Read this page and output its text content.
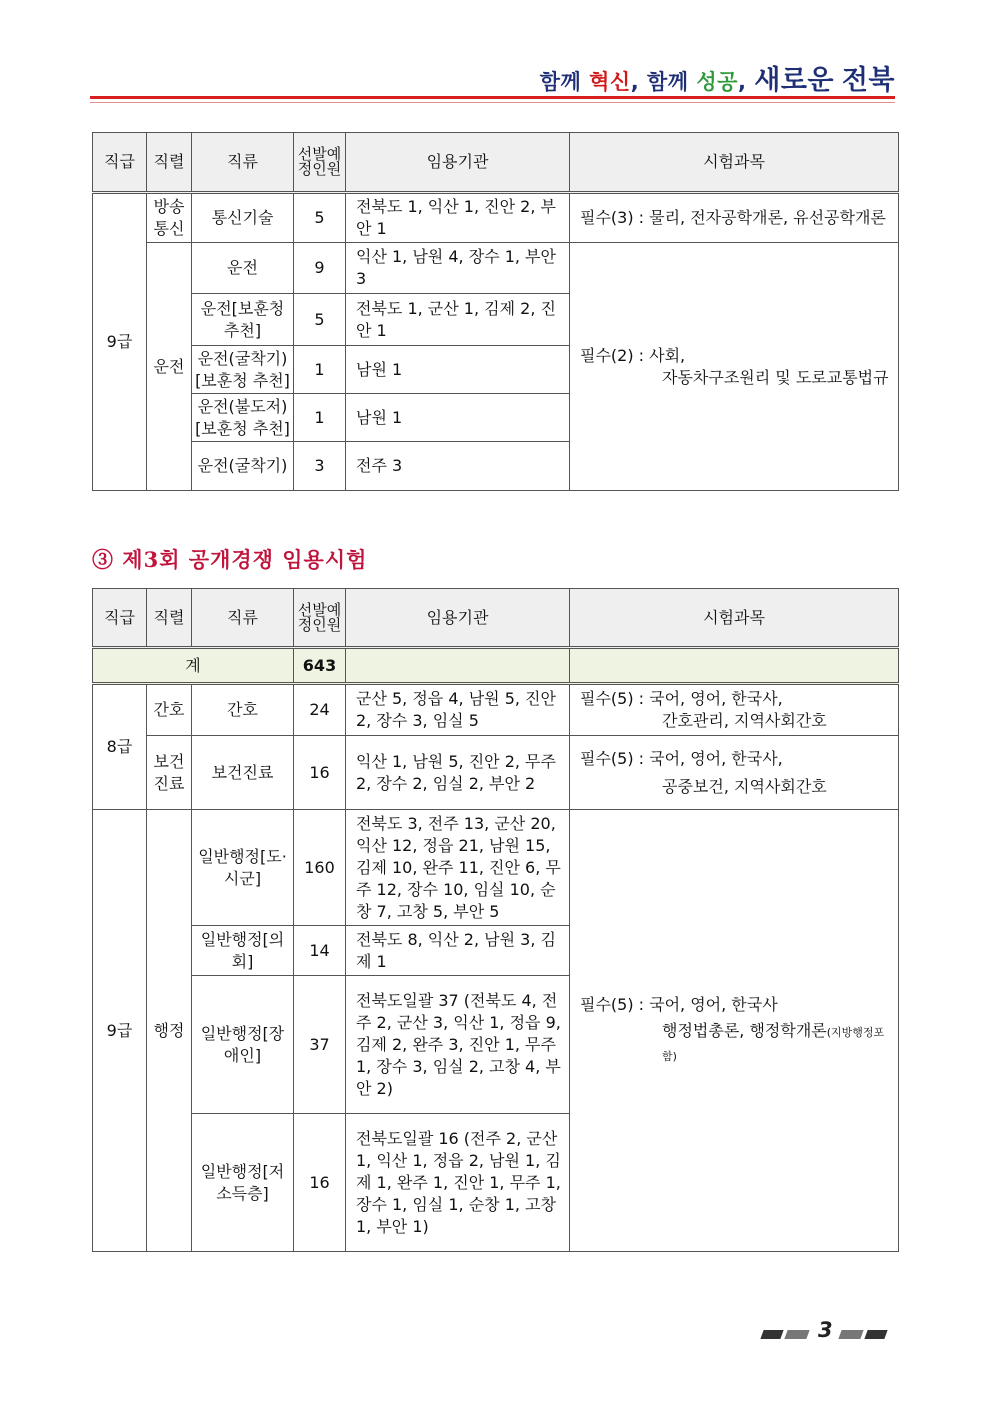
함께 혁신, 함께 성공, 새로운 전북
직급	직렬	직류	선발예정인원	임용기관	시험과목
9급	방송통신	통신기술	5	전북도 1, 익산 1, 진안 2, 부안 1	필수(3) : 물리, 전자공학개론, 유선공학개론
	운전	운전	9	익산 1, 남원 4, 장수 1, 부안 3	필수(2) : 사회,
자동차구조원리 및 도로교통법규

		운전[보훈청 추천]	5	전북도 1, 군산 1, 김제 2, 진안 1	
		운전(굴착기)[보훈청 추천]	1	남원 1	
		운전(불도저)[보훈청 추천]	1	남원 1	
		운전(굴착기)	3	전주 3	
③ 제3회 공개경쟁 임용시험
직급	직렬	직류	선발예정인원	임용기관	시험과목
계			643		
8급	간호	간호	24	군산 5, 정읍 4, 남원 5, 진안 2, 장수 3, 임실 5	필수(5) : 국어, 영어, 한국사,
간호관리, 지역사회간호

	보건진료	보건진료	16	익산 1, 남원 5, 진안 2, 무주 2, 장수 2, 임실 2, 부안 2	필수(5) : 국어, 영어, 한국사,
공중보건, 지역사회간호

9급	행정	일반행정[도·시군]	160	전북도 3, 전주 13, 군산 20, 익산 12, 정읍 21, 남원 15, 김제 10, 완주 11, 진안 6, 무주 12, 장수 10, 임실 10, 순창 7, 고창 5, 부안 5	필수(5) : 국어, 영어, 한국사
행정법총론, 행정학개론(지방행정포함)

		일반행정[의회]	14	전북도 8, 익산 2, 남원 3, 김제 1	
		일반행정[장애인]	37	전북도일괄 37 (전북도 4, 전주 2, 군산 3, 익산 1, 정읍 9, 김제 2, 완주 3, 진안 1, 무주 1, 장수 3, 임실 2, 고창 4, 부안 2)	
		일반행정[저소득층]	16	전북도일괄 16 (전주 2, 군산 1, 익산 1, 정읍 2, 남원 1, 김제 1, 완주 1, 진안 1, 무주 1, 장수 1, 임실 1, 순창 1, 고창 1, 부안 1)	
3
